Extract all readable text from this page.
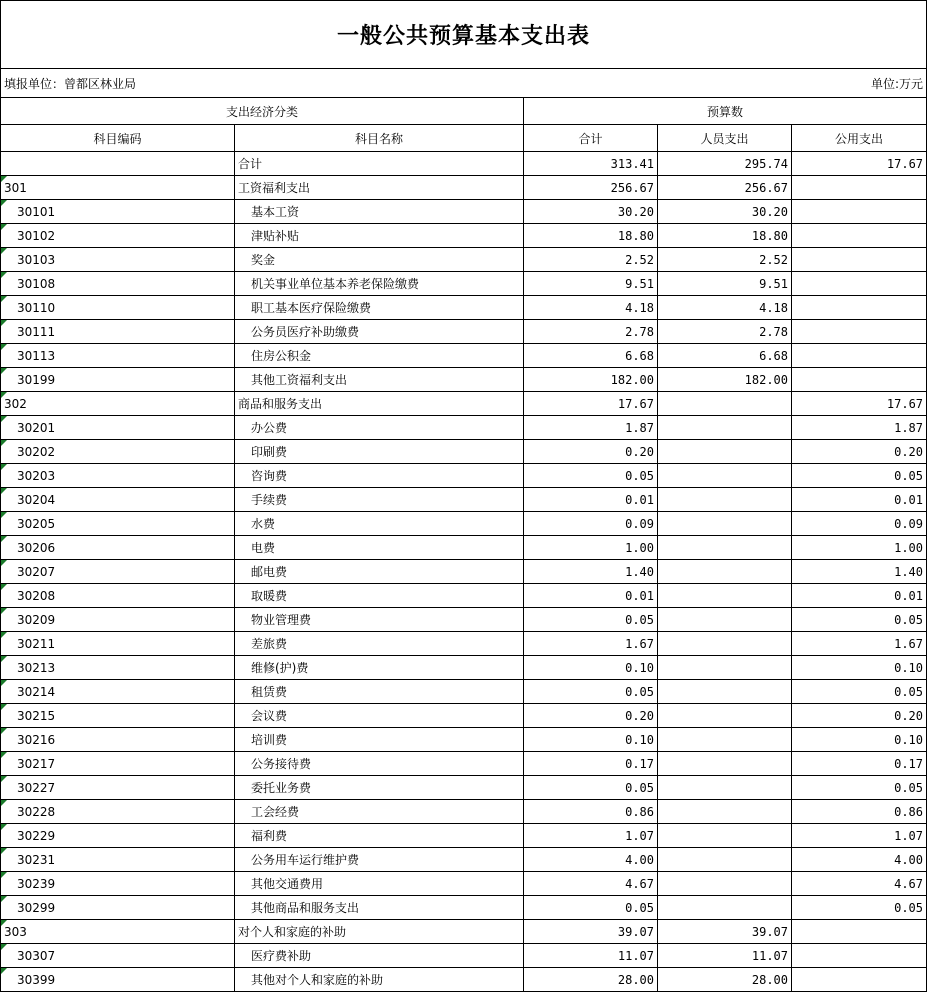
一般公共预算基本支出表				
填报单位：曾都区林业局		单位:万元		
支出经济分类		预算数		
科目编码	科目名称	合计	人员支出	公用支出
	合计	313.41	295.74	17.67

301	工资福利支出	256.67	256.67	

30101	基本工资	30.20	30.20	

30102	津贴补贴	18.80	18.80	

30103	奖金	2.52	2.52	

30108	机关事业单位基本养老保险缴费	9.51	9.51	

30110	职工基本医疗保险缴费	4.18	4.18	

30111	公务员医疗补助缴费	2.78	2.78	

30113	住房公积金	6.68	6.68	

30199	其他工资福利支出	182.00	182.00	

302	商品和服务支出	17.67		17.67

30201	办公费	1.87		1.87

30202	印刷费	0.20		0.20

30203	咨询费	0.05		0.05

30204	手续费	0.01		0.01

30205	水费	0.09		0.09

30206	电费	1.00		1.00

30207	邮电费	1.40		1.40

30208	取暖费	0.01		0.01

30209	物业管理费	0.05		0.05

30211	差旅费	1.67		1.67

30213	维修(护)费	0.10		0.10

30214	租赁费	0.05		0.05

30215	会议费	0.20		0.20

30216	培训费	0.10		0.10

30217	公务接待费	0.17		0.17

30227	委托业务费	0.05		0.05

30228	工会经费	0.86		0.86

30229	福利费	1.07		1.07

30231	公务用车运行维护费	4.00		4.00

30239	其他交通费用	4.67		4.67

30299	其他商品和服务支出	0.05		0.05

303	对个人和家庭的补助	39.07	39.07	

30307	医疗费补助	11.07	11.07	

30399	其他对个人和家庭的补助	28.00	28.00	
